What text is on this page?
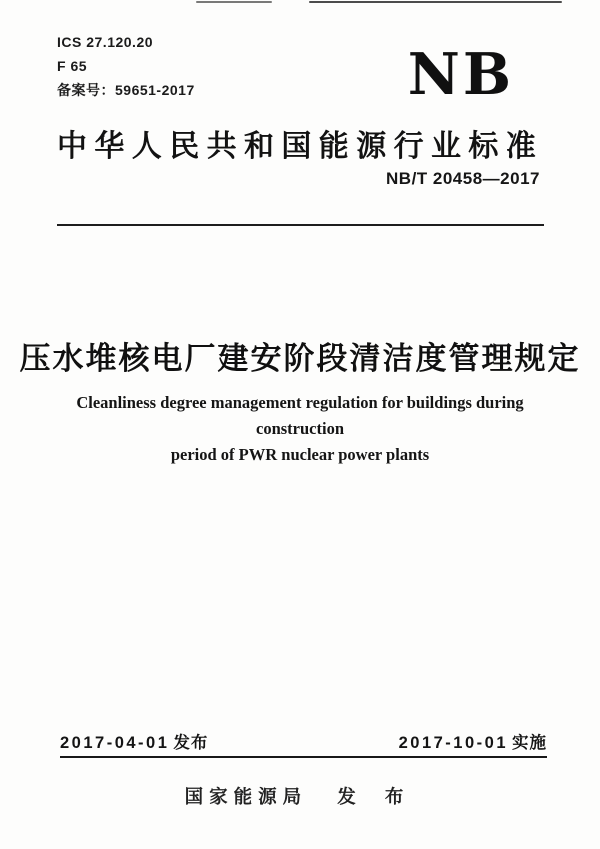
ICS 27.120.20
F 65
备案号：59651-2017	NB
中华人民共和国能源行业标准
NB/T 20458—2017
压水堆核电厂建安阶段清洁度管理规定
Cleanliness degree management regulation for buildings during construction
period of PWR nuclear power plants
2017-04-01 发布	2017-10-01 实施
国家能源局 发 布
